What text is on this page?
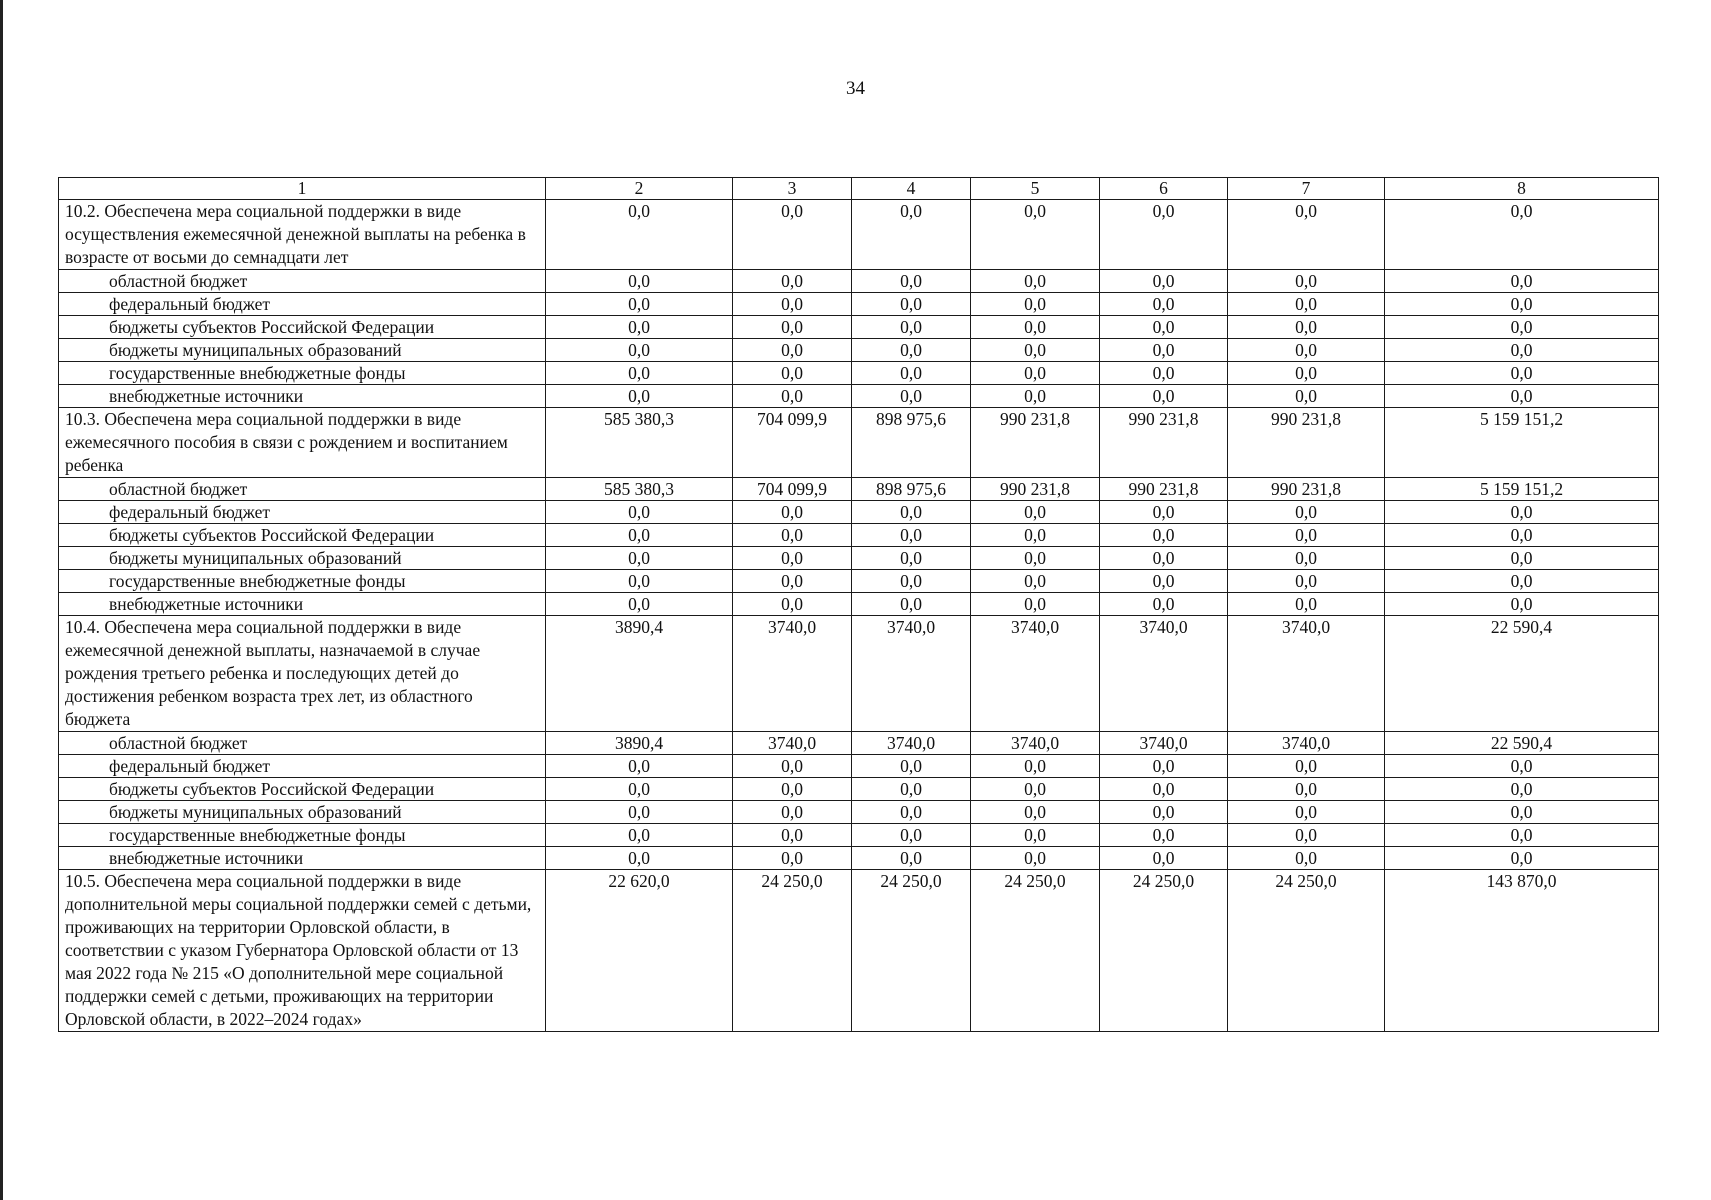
34
1	2	3	4	5	6	7	8
10.2. Обеспечена мера социальной поддержки в виде осуществления ежемесячной денежной выплаты на ребенка в возрасте от восьми до семнадцати лет	0,0	0,0	0,0	0,0	0,0	0,0	0,0
областной бюджет	0,0	0,0	0,0	0,0	0,0	0,0	0,0
федеральный бюджет	0,0	0,0	0,0	0,0	0,0	0,0	0,0
бюджеты субъектов Российской Федерации	0,0	0,0	0,0	0,0	0,0	0,0	0,0
бюджеты муниципальных образований	0,0	0,0	0,0	0,0	0,0	0,0	0,0
государственные внебюджетные фонды	0,0	0,0	0,0	0,0	0,0	0,0	0,0
внебюджетные источники	0,0	0,0	0,0	0,0	0,0	0,0	0,0
10.3. Обеспечена мера социальной поддержки в виде ежемесячного пособия в связи с рождением и воспитанием ребенка	585 380,3	704 099,9	898 975,6	990 231,8	990 231,8	990 231,8	5 159 151,2
областной бюджет	585 380,3	704 099,9	898 975,6	990 231,8	990 231,8	990 231,8	5 159 151,2
федеральный бюджет	0,0	0,0	0,0	0,0	0,0	0,0	0,0
бюджеты субъектов Российской Федерации	0,0	0,0	0,0	0,0	0,0	0,0	0,0
бюджеты муниципальных образований	0,0	0,0	0,0	0,0	0,0	0,0	0,0
государственные внебюджетные фонды	0,0	0,0	0,0	0,0	0,0	0,0	0,0
внебюджетные источники	0,0	0,0	0,0	0,0	0,0	0,0	0,0
10.4. Обеспечена мера социальной поддержки в виде ежемесячной денежной выплаты, назначаемой в случае рождения третьего ребенка и последующих детей до достижения ребенком возраста трех лет, из областного бюджета	3890,4	3740,0	3740,0	3740,0	3740,0	3740,0	22 590,4
областной бюджет	3890,4	3740,0	3740,0	3740,0	3740,0	3740,0	22 590,4
федеральный бюджет	0,0	0,0	0,0	0,0	0,0	0,0	0,0
бюджеты субъектов Российской Федерации	0,0	0,0	0,0	0,0	0,0	0,0	0,0
бюджеты муниципальных образований	0,0	0,0	0,0	0,0	0,0	0,0	0,0
государственные внебюджетные фонды	0,0	0,0	0,0	0,0	0,0	0,0	0,0
внебюджетные источники	0,0	0,0	0,0	0,0	0,0	0,0	0,0
10.5. Обеспечена мера социальной поддержки в виде дополнительной меры социальной поддержки семей с детьми, проживающих на территории Орловской области, в соответствии с указом Губернатора Орловской области от 13 мая 2022 года № 215 «О дополнительной мере социальной поддержки семей с детьми, проживающих на территории Орловской области, в 2022–2024 годах»	22 620,0	24 250,0	24 250,0	24 250,0	24 250,0	24 250,0	143 870,0
